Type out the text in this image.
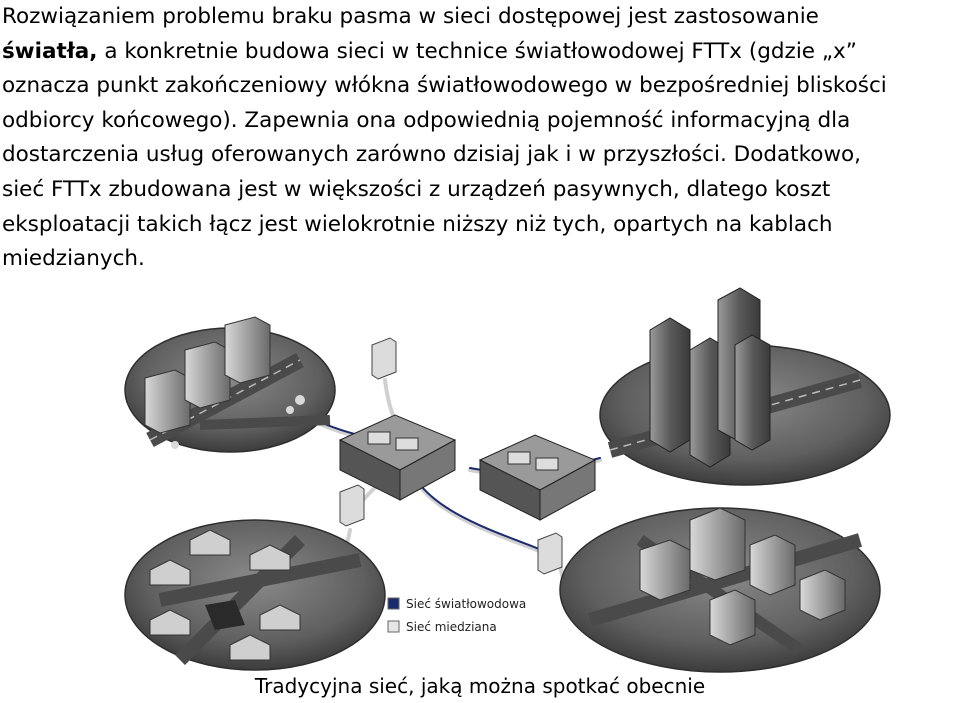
Rozwiązaniem problemu braku pasma w sieci dostępowej jest zastosowanie
światła, a konkretnie budowa sieci w technice światłowodowej FTTx (gdzie „x”
oznacza punkt zakończeniowy włókna światłowodowego w bezpośredniej bliskości
odbiorcy końcowego). Zapewnia ona odpowiednią pojemność informacyjną dla
dostarczenia usług oferowanych zarówno dzisiaj jak i w przyszłości. Dodatkowo,
sieć FTTx zbudowana jest w większości z urządzeń pasywnych, dlatego koszt
eksploatacji takich łącz jest wielokrotnie niższy niż tych, opartych na kablach
miedzianych.
Sieć światłowodowa
Sieć miedziana
Tradycyjna sieć, jaką można spotkać obecnie
